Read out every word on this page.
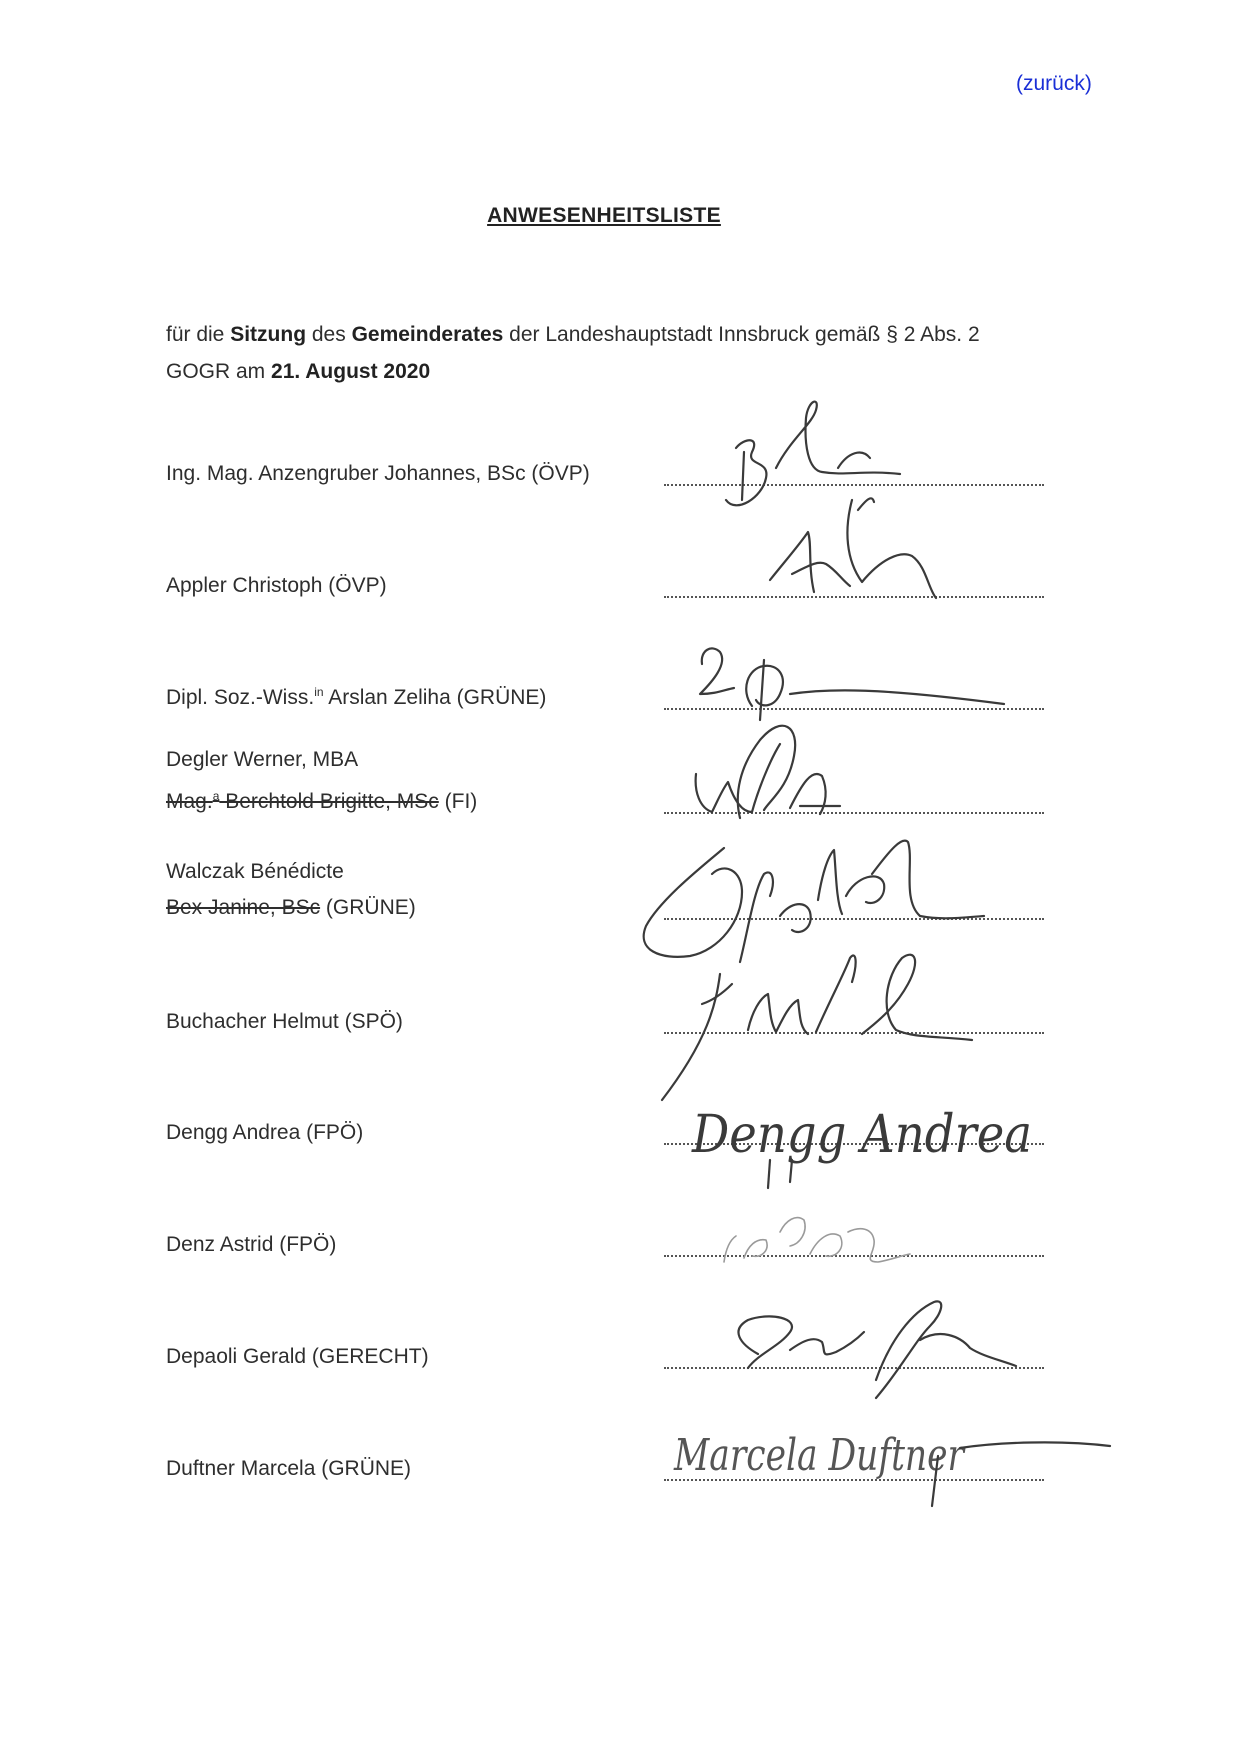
(zurück)
ANWESENHEITSLISTE
für die Sitzung des Gemeinderates der Landeshauptstadt Innsbruck gemäß § 2 Abs. 2 GOGR am 21. August 2020
Ing. Mag. Anzengruber Johannes, BSc (ÖVP)
Appler Christoph (ÖVP)
Dipl. Soz.-Wiss.$^{in}$ Arslan Zeliha (GRÜNE)
Degler Werner, MBA
Mag.$^a$ Berchtold Brigitte, MSc (FI)
Walczak Bénédicte
Bex Janine, BSc (GRÜNE)
Buchacher Helmut (SPÖ)
Dengg Andrea (FPÖ)
Denz Astrid (FPÖ)
Depaoli Gerald (GERECHT)
Duftner Marcela (GRÜNE)
Dengg Andrea
Marcela Duftner
